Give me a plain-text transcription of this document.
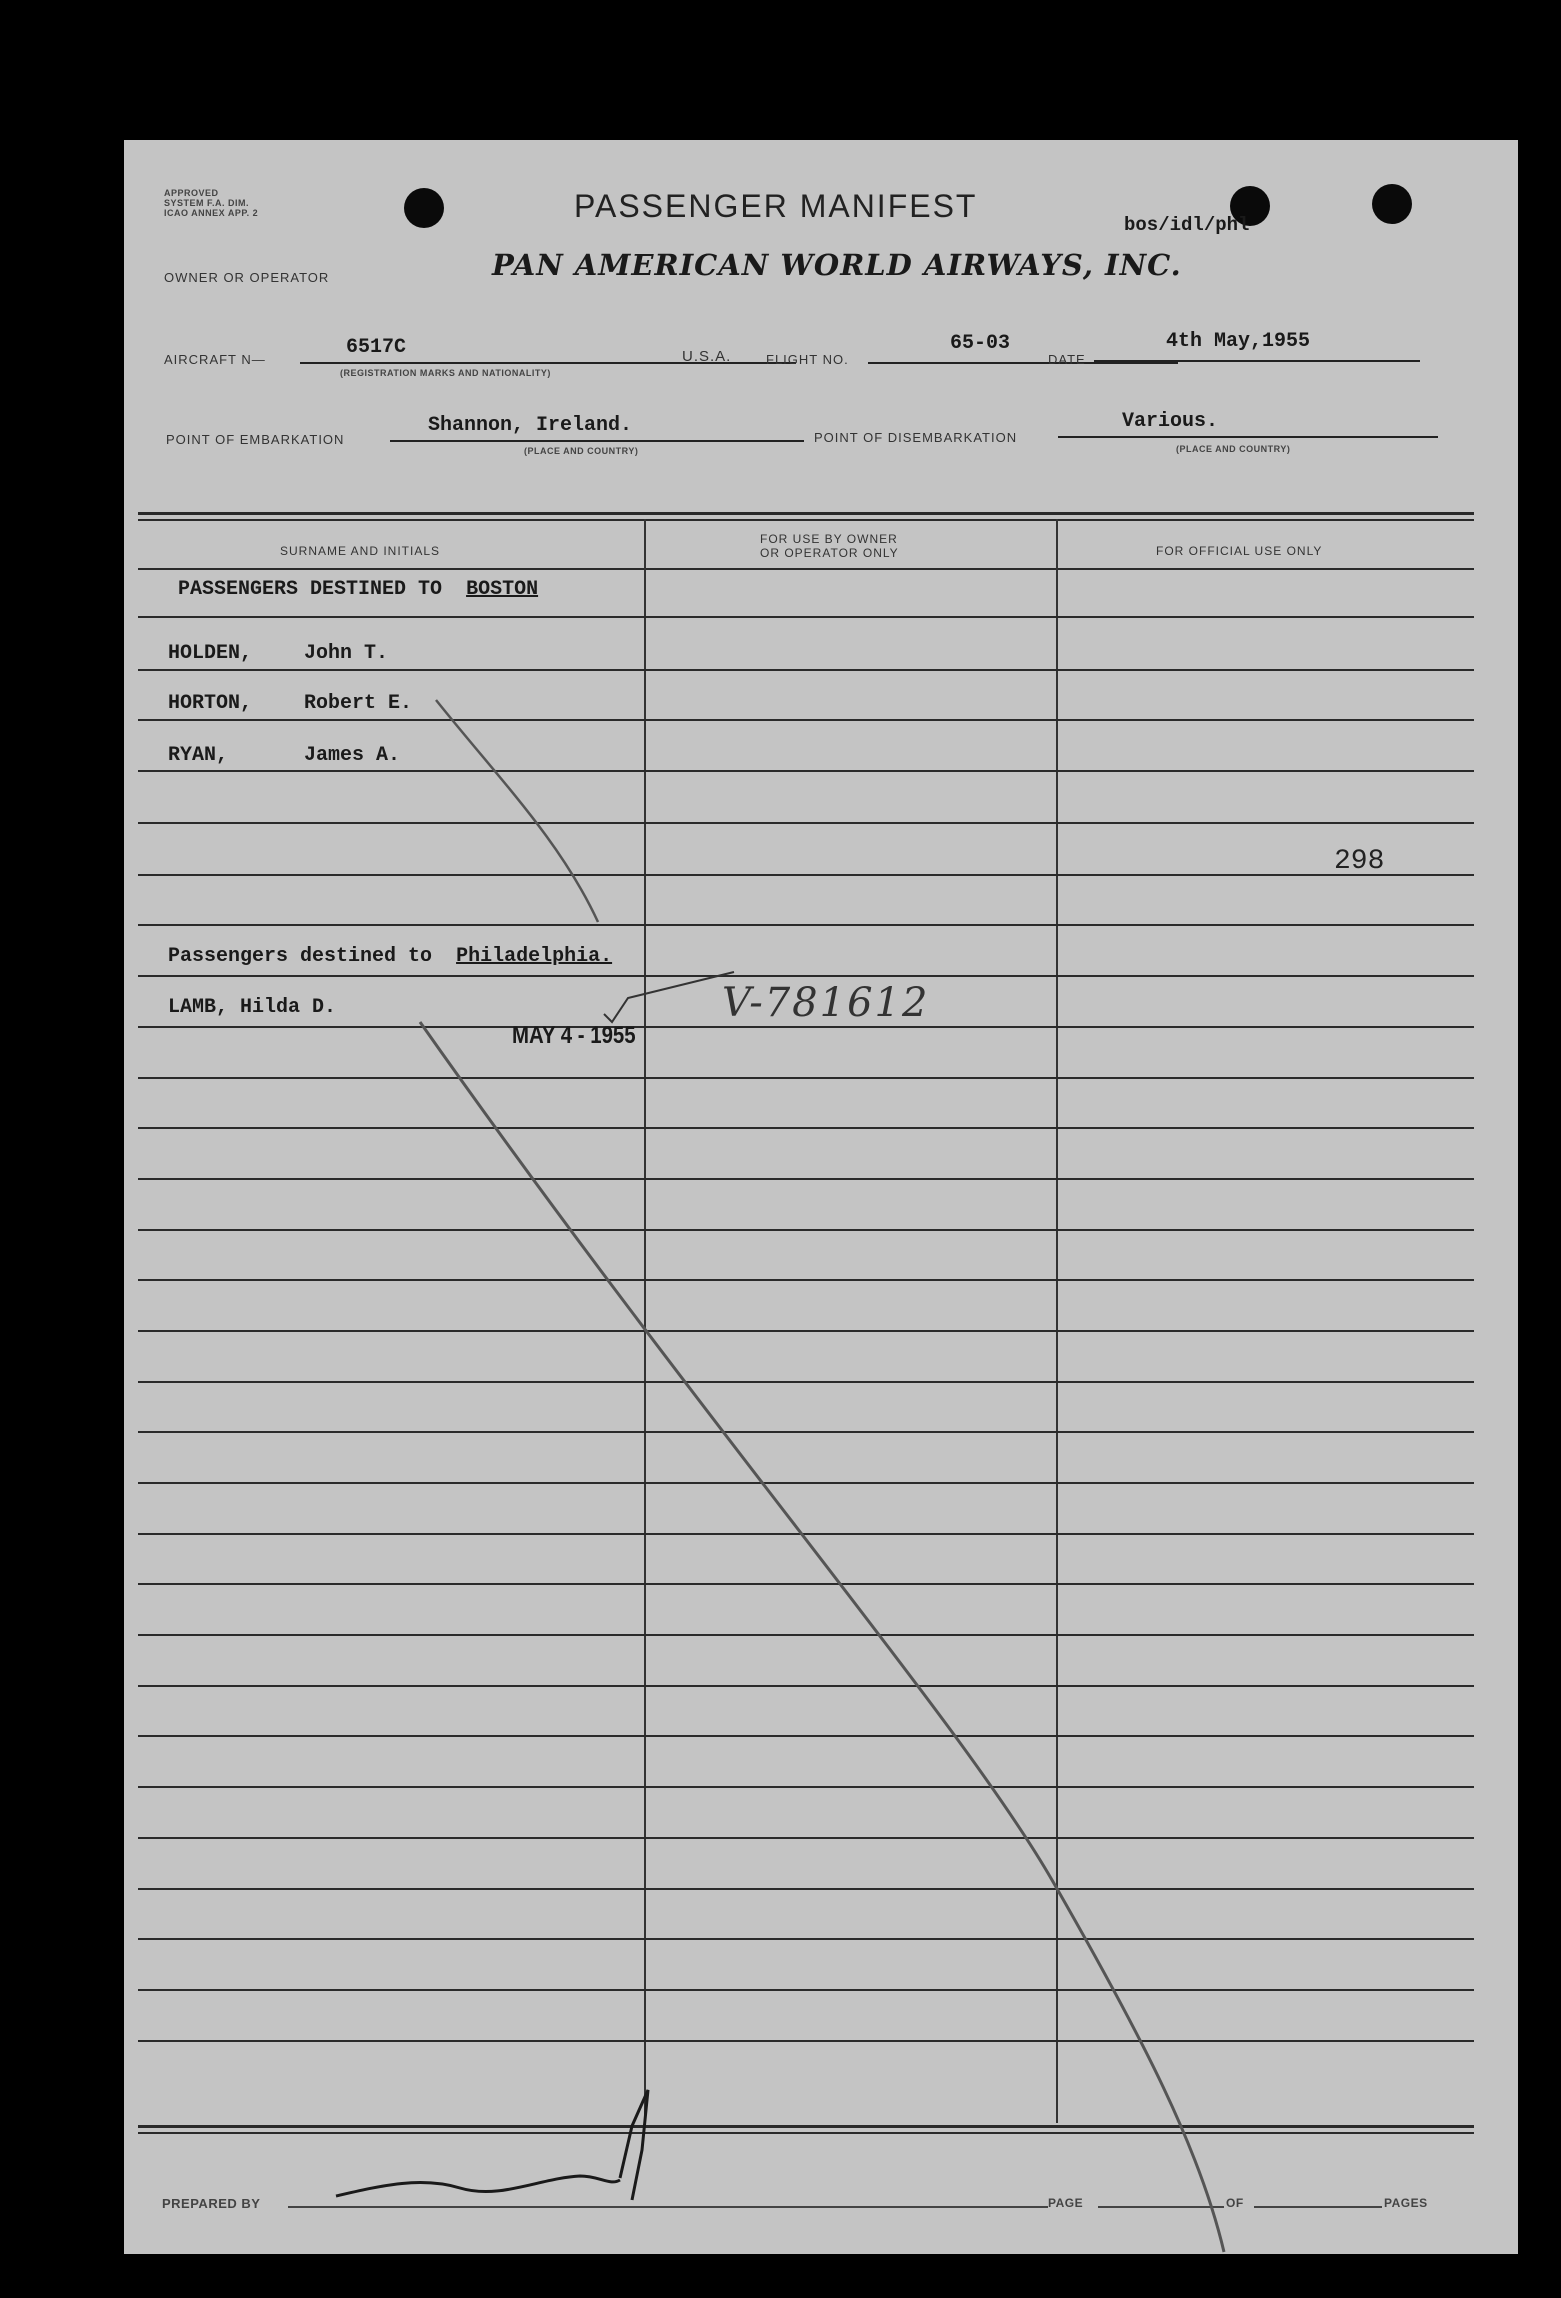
APPROVED
SYSTEM F.A. DIM.
ICAO ANNEX APP. 2	PASSENGER MANIFEST
bos/idl/phl
OWNER OR OPERATOR	PAN AMERICAN WORLD AIRWAYS, INC.
AIRCRAFT N—
6517C
(REGISTRATION MARKS AND NATIONALITY)
U.S.A.	FLIGHT NO.
65-03
DATE
4th May,1955
POINT OF EMBARKATION
Shannon, Ireland.
(PLACE AND COUNTRY)
POINT OF DISEMBARKATION
Various.
(PLACE AND COUNTRY)
SURNAME AND INITIALS
FOR USE BY OWNER
OR OPERATOR ONLY	FOR OFFICIAL USE ONLY
PASSENGERS DESTINED TO BOSTON
HOLDEN,	John T.
HORTON,	Robert E.
RYAN,	James A.
298
Passengers destined to Philadelphia.
LAMB, Hilda D.
MAY 4 - 1955
V-781612
PREPARED BY	PAGE	OF	PAGES
